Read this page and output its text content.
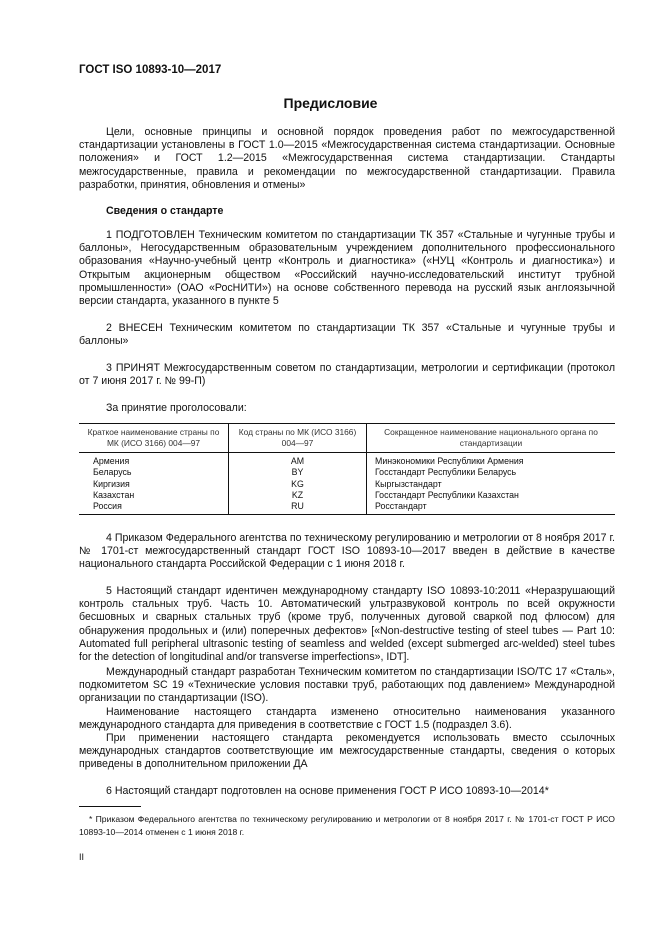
ГОСТ ISO 10893-10—2017
Предисловие

Цели, основные принципы и основной порядок проведения работ по межгосударственной стандартизации установлены в ГОСТ 1.0—2015 «Межгосударственная система стандартизации. Основные положения» и ГОСТ 1.2—2015 «Межгосударственная система стандартизации. Стандарты межгосударственные, правила и рекомендации по межгосударственной стандартизации. Правила разработки, принятия, обновления и отмены»

Сведения о стандарте

1 ПОДГОТОВЛЕН Техническим комитетом по стандартизации ТК 357 «Стальные и чугунные трубы и баллоны», Негосударственным образовательным учреждением дополнительного профессионального образования «Научно-учебный центр «Контроль и диагностика» («НУЦ «Контроль и диагностика») и Открытым акционерным обществом «Российский научно-исследовательский институт трубной промышленности» (ОАО «РосНИТИ») на основе собственного перевода на русский язык англоязычной версии стандарта, указанного в пункте 5

2 ВНЕСЕН Техническим комитетом по стандартизации ТК 357 «Стальные и чугунные трубы и баллоны»

3 ПРИНЯТ Межгосударственным советом по стандартизации, метрологии и сертификации (протокол от 7 июня 2017 г. № 99-П)

За принятие проголосовали:
Краткое наименование страны по МК (ИСО 3166) 004—97	Код страны по МК (ИСО 3166) 004—97	Сокращенное наименование национального органа по стандартизации
Армения	AM	Минэкономики Республики Армения
Беларусь	BY	Госстандарт Республики Беларусь
Киргизия	KG	Кыргызстандарт
Казахстан	KZ	Госстандарт Республики Казахстан
Россия	RU	Росстандарт

4 Приказом Федерального агентства по техническому регулированию и метрологии от 8 ноября 2017 г. № 1701-ст межгосударственный стандарт ГОСТ ISO 10893-10—2017 введен в действие в качестве национального стандарта Российской Федерации с 1 июня 2018 г.

5 Настоящий стандарт идентичен международному стандарту ISO 10893-10:2011 «Неразрушающий контроль стальных труб. Часть 10. Автоматический ультразвуковой контроль по всей окружности бесшовных и сварных стальных труб (кроме труб, полученных дуговой сваркой под флюсом) для обнаружения продольных и (или) поперечных дефектов» [«Non-destructive testing of steel tubes — Part 10: Automated full peripheral ultrasonic testing of seamless and welded (except submerged arc-welded) steel tubes for the detection of longitudinal and/or transverse imperfections», IDT].

Международный стандарт разработан Техническим комитетом по стандартизации ISO/TC 17 «Сталь», подкомитетом SC 19 «Технические условия поставки труб, работающих под давлением» Международной организации по стандартизации (ISO).

Наименование настоящего стандарта изменено относительно наименования указанного международного стандарта для приведения в соответствие с ГОСТ 1.5 (подраздел 3.6).

При применении настоящего стандарта рекомендуется использовать вместо ссылочных международных стандартов соответствующие им межгосударственные стандарты, сведения о которых приведены в дополнительном приложении ДА

6 Настоящий стандарт подготовлен на основе применения ГОСТ Р ИСО 10893-10—2014*

* Приказом Федерального агентства по техническому регулированию и метрологии от 8 ноября 2017 г. № 1701-ст ГОСТ Р ИСО 10893-10—2014 отменен с 1 июня 2018 г.

II
